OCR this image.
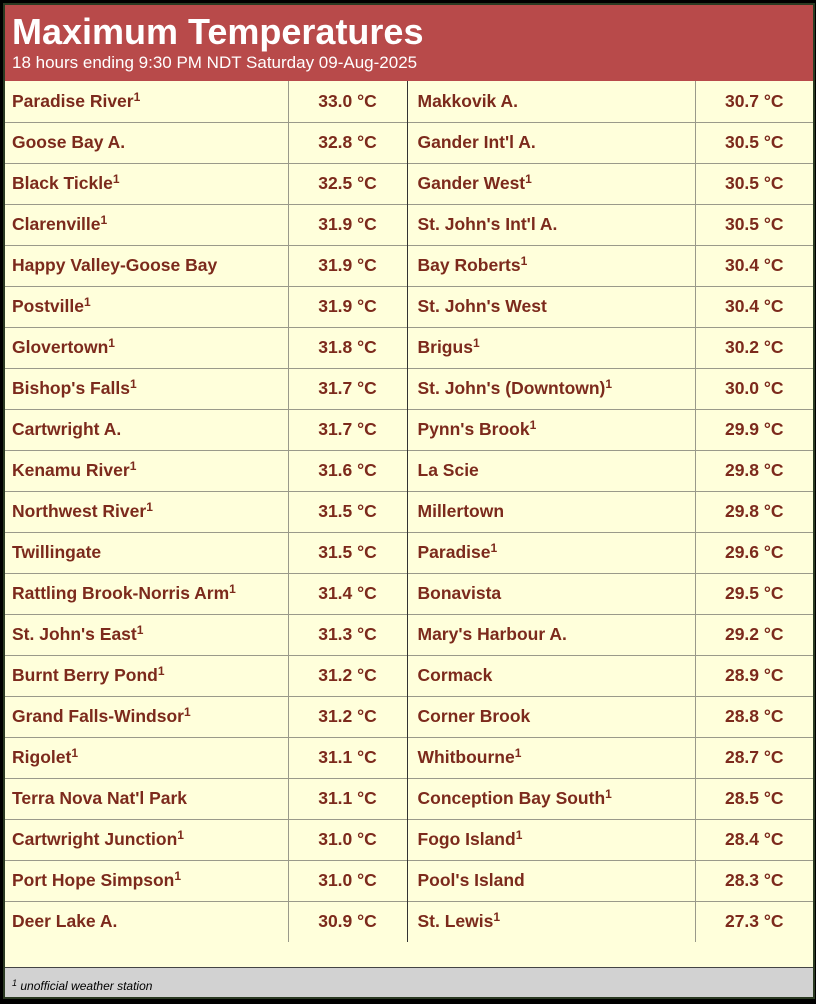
Maximum Temperatures
18 hours ending 9:30 PM NDT Saturday 09-Aug-2025
Paradise River$^1$	33.0 °C	Makkovik A.	30.7 °C
Goose Bay A.	32.8 °C	Gander Int'l A.	30.5 °C
Black Tickle$^1$	32.5 °C	Gander West$^1$	30.5 °C
Clarenville$^1$	31.9 °C	St. John's Int'l A.	30.5 °C
Happy Valley-Goose Bay	31.9 °C	Bay Roberts$^1$	30.4 °C
Postville$^1$	31.9 °C	St. John's West	30.4 °C
Glovertown$^1$	31.8 °C	Brigus$^1$	30.2 °C
Bishop's Falls$^1$	31.7 °C	St. John's (Downtown)$^1$	30.0 °C
Cartwright A.	31.7 °C	Pynn's Brook$^1$	29.9 °C
Kenamu River$^1$	31.6 °C	La Scie	29.8 °C
Northwest River$^1$	31.5 °C	Millertown	29.8 °C
Twillingate	31.5 °C	Paradise$^1$	29.6 °C
Rattling Brook-Norris Arm$^1$	31.4 °C	Bonavista	29.5 °C
St. John's East$^1$	31.3 °C	Mary's Harbour A.	29.2 °C
Burnt Berry Pond$^1$	31.2 °C	Cormack	28.9 °C
Grand Falls-Windsor$^1$	31.2 °C	Corner Brook	28.8 °C
Rigolet$^1$	31.1 °C	Whitbourne$^1$	28.7 °C
Terra Nova Nat'l Park	31.1 °C	Conception Bay South$^1$	28.5 °C
Cartwright Junction$^1$	31.0 °C	Fogo Island$^1$	28.4 °C
Port Hope Simpson$^1$	31.0 °C	Pool's Island	28.3 °C
Deer Lake A.	30.9 °C	St. Lewis$^1$	27.3 °C
$^1$ unofficial weather station
